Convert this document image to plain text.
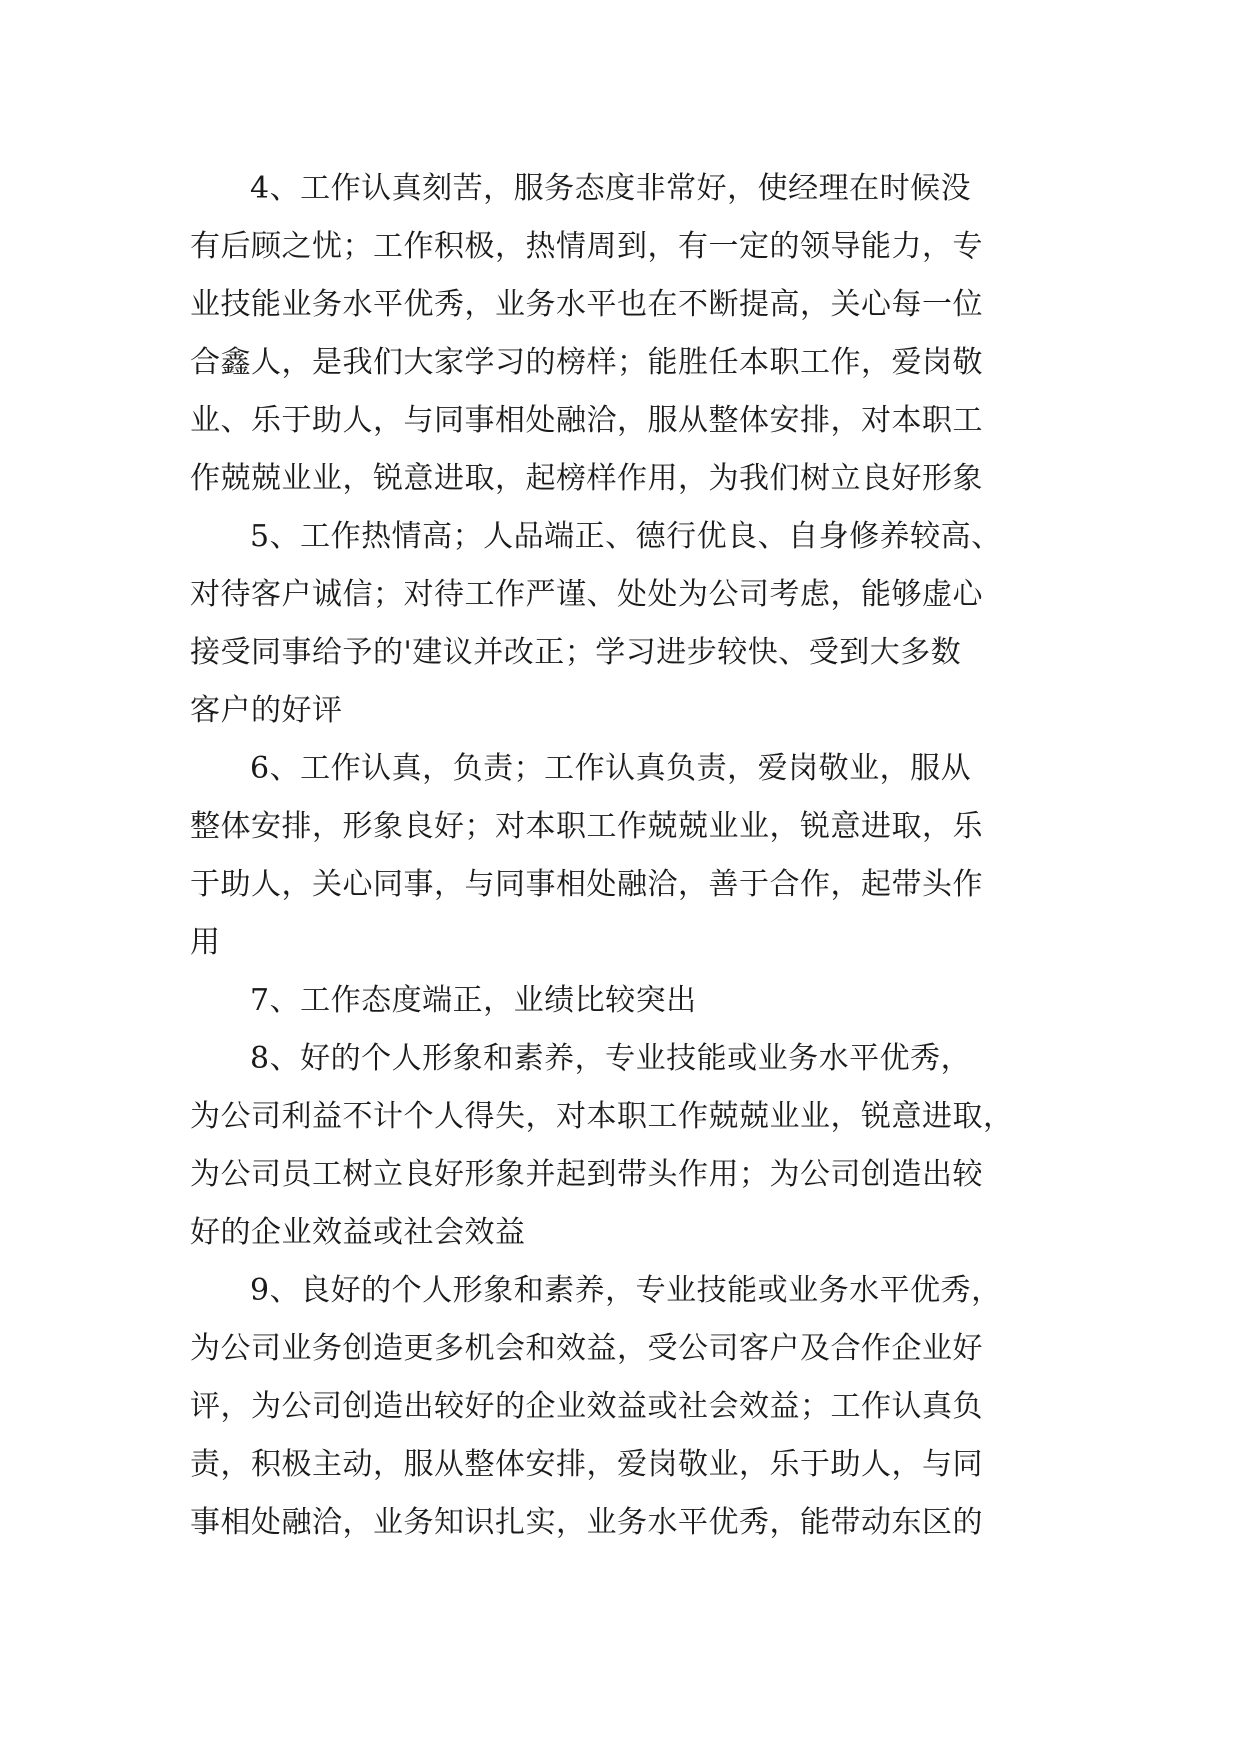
4、工作认真刻苦，服务态度非常好，使经理在时候没
有后顾之忧；工作积极，热情周到，有一定的领导能力，专
业技能业务水平优秀，业务水平也在不断提高，关心每一位
合鑫人，是我们大家学习的榜样；能胜任本职工作，爱岗敬
业、乐于助人，与同事相处融洽，服从整体安排，对本职工
作兢兢业业，锐意进取，起榜样作用，为我们树立良好形象
5、工作热情高；人品端正、德行优良、自身修养较高、
对待客户诚信；对待工作严谨、处处为公司考虑，能够虚心
接受同事给予的'建议并改正；学习进步较快、受到大多数
客户的好评
6、工作认真，负责；工作认真负责，爱岗敬业，服从
整体安排，形象良好；对本职工作兢兢业业，锐意进取，乐
于助人，关心同事，与同事相处融洽，善于合作，起带头作
用
7、工作态度端正，业绩比较突出
8、好的个人形象和素养，专业技能或业务水平优秀，
为公司利益不计个人得失，对本职工作兢兢业业，锐意进取，
为公司员工树立良好形象并起到带头作用；为公司创造出较
好的企业效益或社会效益
9、良好的个人形象和素养，专业技能或业务水平优秀，
为公司业务创造更多机会和效益，受公司客户及合作企业好
评，为公司创造出较好的企业效益或社会效益；工作认真负
责，积极主动，服从整体安排，爱岗敬业，乐于助人，与同
事相处融洽，业务知识扎实，业务水平优秀，能带动东区的
